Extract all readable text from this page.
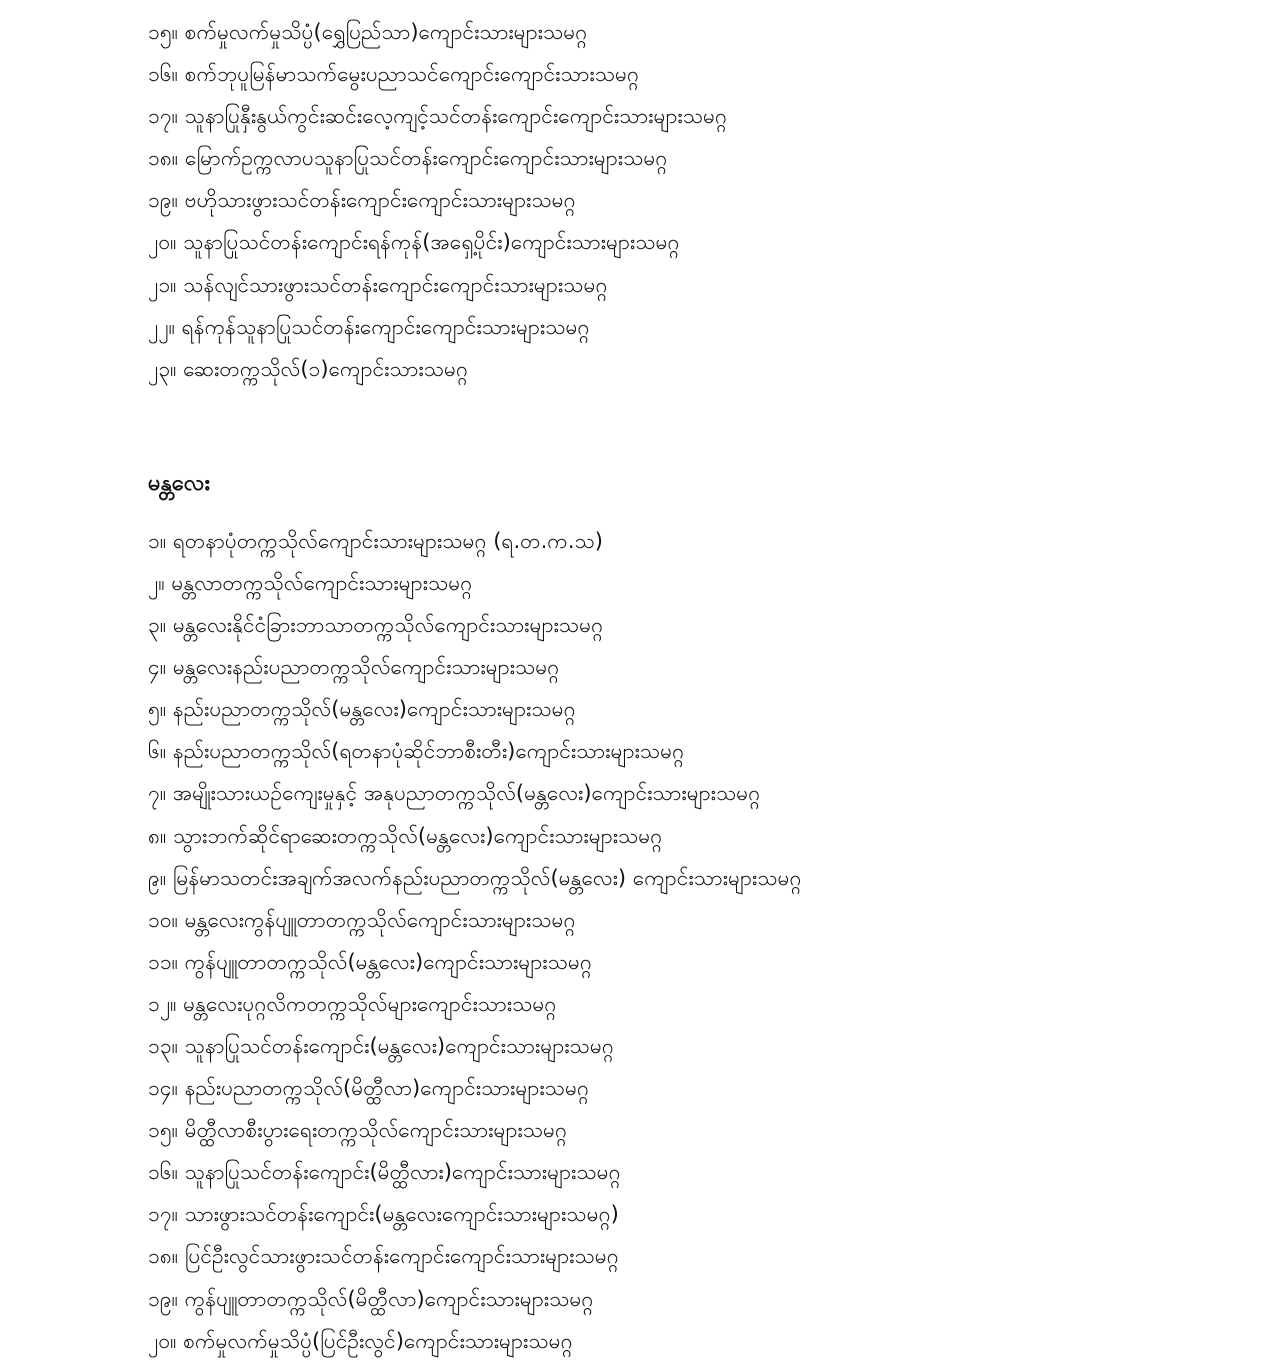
၁၅။ စက်မှုလက်မှုသိပ္ပံ(ရွှေပြည်သာ)ကျောင်းသားများသမဂ္ဂ
၁၆။ စက်ဘုပူမြန်မာသက်မွေးပညာသင်ကျောင်းကျောင်းသားသမဂ္ဂ
၁၇။ သူနာပြုနှီးနွယ်ကွင်းဆင်းလေ့ကျင့်သင်တန်းကျောင်းကျောင်းသားများသမဂ္ဂ
၁၈။ မြောက်ဥက္ကလာပသူနာပြုသင်တန်းကျောင်းကျောင်းသားများသမဂ္ဂ
၁၉။ ဗဟိုသားဖွားသင်တန်းကျောင်းကျောင်းသားများသမဂ္ဂ
၂၀။ သူနာပြုသင်တန်းကျောင်းရန်ကုန်(အရှေ့ပိုင်း)ကျောင်းသားများသမဂ္ဂ
၂၁။ သန်လျင်သားဖွားသင်တန်းကျောင်းကျောင်းသားများသမဂ္ဂ
၂၂။ ရန်ကုန်သူနာပြုသင်တန်းကျောင်းကျောင်းသားများသမဂ္ဂ
၂၃။ ဆေးတက္ကသိုလ်(၁)ကျောင်းသားသမဂ္ဂ
မန္တလေး
၁။ ရတနာပုံတက္ကသိုလ်ကျောင်းသားများသမဂ္ဂ (ရ.တ.က.သ)
၂။ မန္တလာတက္ကသိုလ်ကျောင်းသားများသမဂ္ဂ
၃။ မန္တလေးနိုင်ငံခြားဘာသာတက္ကသိုလ်ကျောင်းသားများသမဂ္ဂ
၄။ မန္တလေးနည်းပညာတက္ကသိုလ်ကျောင်းသားများသမဂ္ဂ
၅။ နည်းပညာတက္ကသိုလ်(မန္တလေး)ကျောင်းသားများသမဂ္ဂ
၆။ နည်းပညာတက္ကသိုလ်(ရတနာပုံဆိုင်ဘာစီးတီး)ကျောင်းသားများသမဂ္ဂ
၇။ အမျိုးသားယဉ်ကျေးမှုနှင့် အနုပညာတက္ကသိုလ်(မန္တလေး)ကျောင်းသားများသမဂ္ဂ
၈။ သွားဘက်ဆိုင်ရာဆေးတက္ကသိုလ်(မန္တလေး)ကျောင်းသားများသမဂ္ဂ
၉။ မြန်မာသတင်းအချက်အလက်နည်းပညာတက္ကသိုလ်(မန္တလေး) ကျောင်းသားများသမဂ္ဂ
၁၀။ မန္တလေးကွန်ပျူတာတက္ကသိုလ်ကျောင်းသားများသမဂ္ဂ
၁၁။ ကွန်ပျူတာတက္ကသိုလ်(မန္တလေး)ကျောင်းသားများသမဂ္ဂ
၁၂။ မန္တလေးပုဂ္ဂလိကတက္ကသိုလ်များကျောင်းသားသမဂ္ဂ
၁၃။ သူနာပြုသင်တန်းကျောင်း(မန္တလေး)ကျောင်းသားများသမဂ္ဂ
၁၄။ နည်းပညာတက္ကသိုလ်(မိတ္ထီလာ)ကျောင်းသားများသမဂ္ဂ
၁၅။ မိတ္ထီလာစီးပွားရေးတက္ကသိုလ်ကျောင်းသားများသမဂ္ဂ
၁၆။ သူနာပြုသင်တန်းကျောင်း(မိတ္ထီလား)ကျောင်းသားများသမဂ္ဂ
၁၇။ သားဖွားသင်တန်းကျောင်း(မန္တလေးကျောင်းသားများသမဂ္ဂ)
၁၈။ ပြင်ဦးလွင်သားဖွားသင်တန်းကျောင်းကျောင်းသားများသမဂ္ဂ
၁၉။ ကွန်ပျူတာတက္ကသိုလ်(မိတ္ထီလာ)ကျောင်းသားများသမဂ္ဂ
၂၀။ စက်မှုလက်မှုသိပ္ပံ(ပြင်ဦးလွင်)ကျောင်းသားများသမဂ္ဂ
